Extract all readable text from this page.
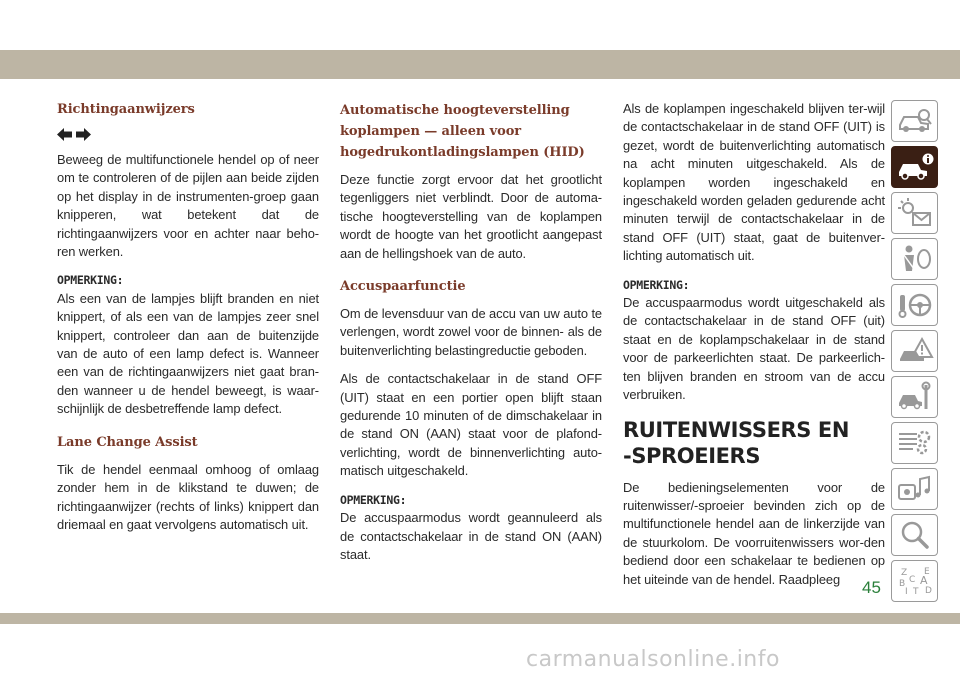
Richtingaanwijzers

Beweeg de multifunctionele hendel op of neer om te controleren of de pijlen aan beide zijden op het display in de instrumenten-groep gaan knipperen, wat betekent dat de richtingaanwijzers voor en achter naar beho-ren werken.

OPMERKING:
Als een van de lampjes blijft branden en niet knippert, of als een van de lampjes zeer snel knippert, controleer dan aan de buitenzijde van de auto of een lamp defect is. Wanneer een van de richtingaanwijzers niet gaat bran-den wanneer u de hendel beweegt, is waar-schijnlijk de desbetreffende lamp defect.

Lane Change Assist

Tik de hendel eenmaal omhoog of omlaag zonder hem in de klikstand te duwen; de richtingaanwijzer (rechts of links) knippert dan driemaal en gaat vervolgens automatisch uit.

Automatische hoogteverstelling koplampen — alleen voor hogedrukontladingslampen (HID)

Deze functie zorgt ervoor dat het grootlicht tegenliggers niet verblindt. Door de automa-tische hoogteverstelling van de koplampen wordt de hoogte van het grootlicht aangepast aan de hellingshoek van de auto.

Accuspaarfunctie

Om de levensduur van de accu van uw auto te verlengen, wordt zowel voor de binnen- als de buitenverlichting belastingreductie geboden.

Als de contactschakelaar in de stand OFF (UIT) staat en een portier open blijft staan gedurende 10 minuten of de dimschakelaar in de stand ON (AAN) staat voor de plafond-verlichting, wordt de binnenverlichting auto-matisch uitgeschakeld.

OPMERKING:
De accuspaarmodus wordt geannuleerd als de contactschakelaar in de stand ON (AAN) staat.

Als de koplampen ingeschakeld blijven ter-wijl de contactschakelaar in de stand OFF (UIT) is gezet, wordt de buitenverlichting automatisch na acht minuten uitgeschakeld. Als de koplampen worden ingeschakeld en ingeschakeld worden geladen gedurende acht minuten terwijl de contactschakelaar in de stand OFF (UIT) staat, gaat de buitenver-lichting automatisch uit.

OPMERKING:
De accuspaarmodus wordt uitgeschakeld als de contactschakelaar in de stand OFF (uit) staat en de koplampschakelaar in de stand voor de parkeerlichten staat. De parkeerlich-ten blijven branden en stroom van de accu verbruiken.

RUITENWISSERS EN
-SPROEIERS

De bedieningselementen voor de ruitenwisser/-sproeier bevinden zich op de multifunctionele hendel aan de linkerzijde van de stuurkolom. De voorruitenwissers wor-den bediend door een schakelaar te bedienen op het uiteinde van de hendel. Raadpleeg	Z E
B A
C
T
I D
45
carmanualsonline.info
